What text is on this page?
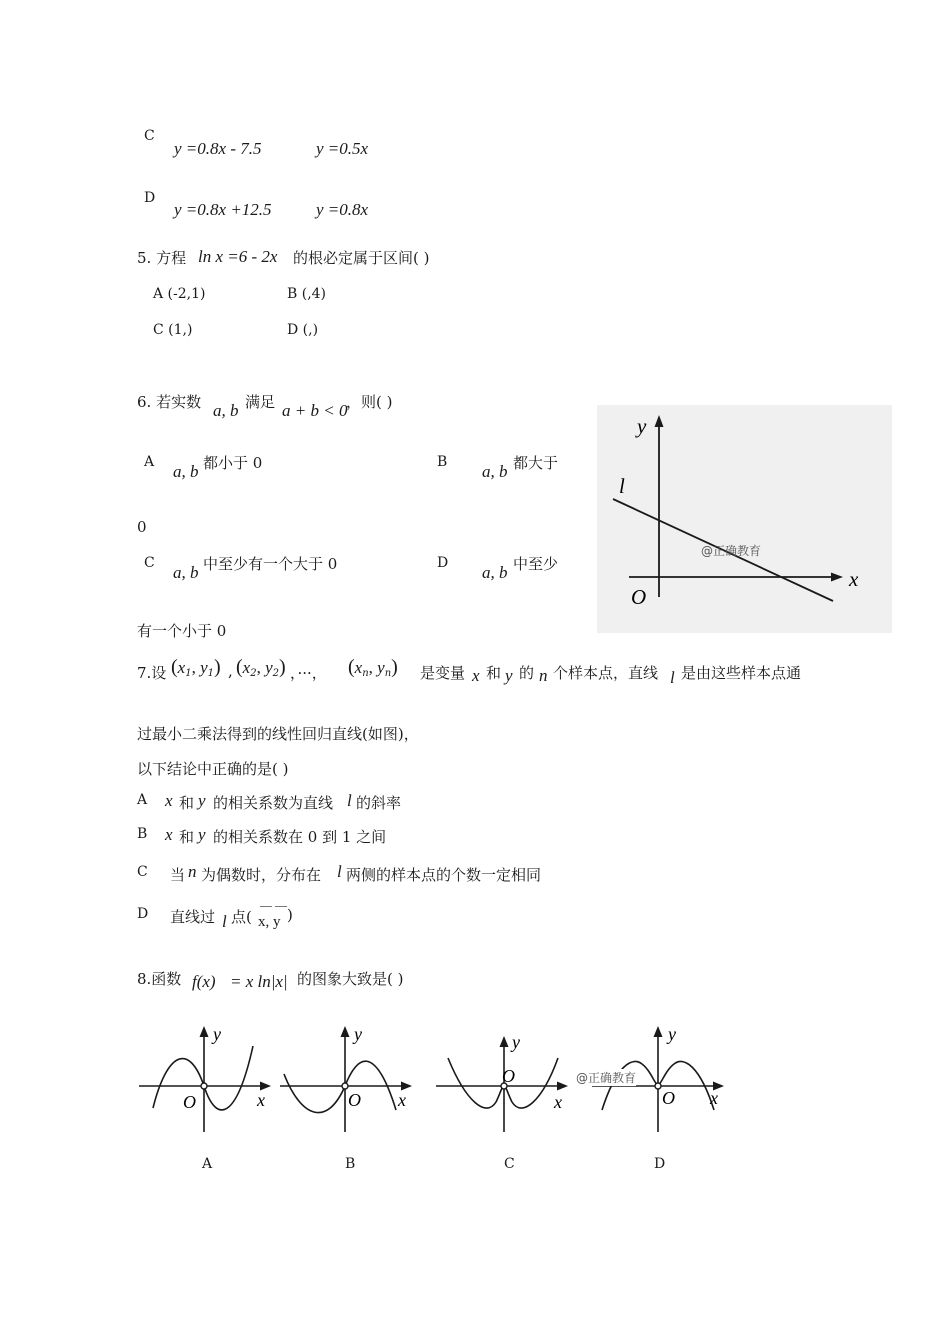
C
y =0.8x - 7.5	y =0.5x
D
y =0.8x +12.5	y =0.8x
5. 方程 ln x =6 - 2x 的根必定属于区间( )
A (-2,1)	B (,4)
C (1,)	D (,)
6. 若实数 a, b 满足 a + b < 0
，则( )
A a, b 都小于 0	B a, b 都大于
0
C a, b 中至少有一个大于 0	D a, b 中至少
有一个小于 0
y
x
O
l
@正确教育
7.设 ($x_1$, $y_1$) , ($x_2$, $y_2$) ，···， ($x_n$, $y_n$) 是变量 x 和 y 的 n 个样本点，直线 l 是由这些样本点通
过最小二乘法得到的线性回归直线(如图)，
以下结论中正确的是( )
A x 和 y 的相关系数为直线 l 的斜率
B x 和 y 的相关系数在 0 到 1 之间
C 当 n 为偶数时，分布在 l 两侧的样本点的个数一定相同
D 直线过 l 点(
— —
x, y )
8.函数 f(x) = x ln|x| 的图象大致是( )
y
x
O
A
y
x
O
B
y
x
O
C
y
x
O
D
@正确教育
